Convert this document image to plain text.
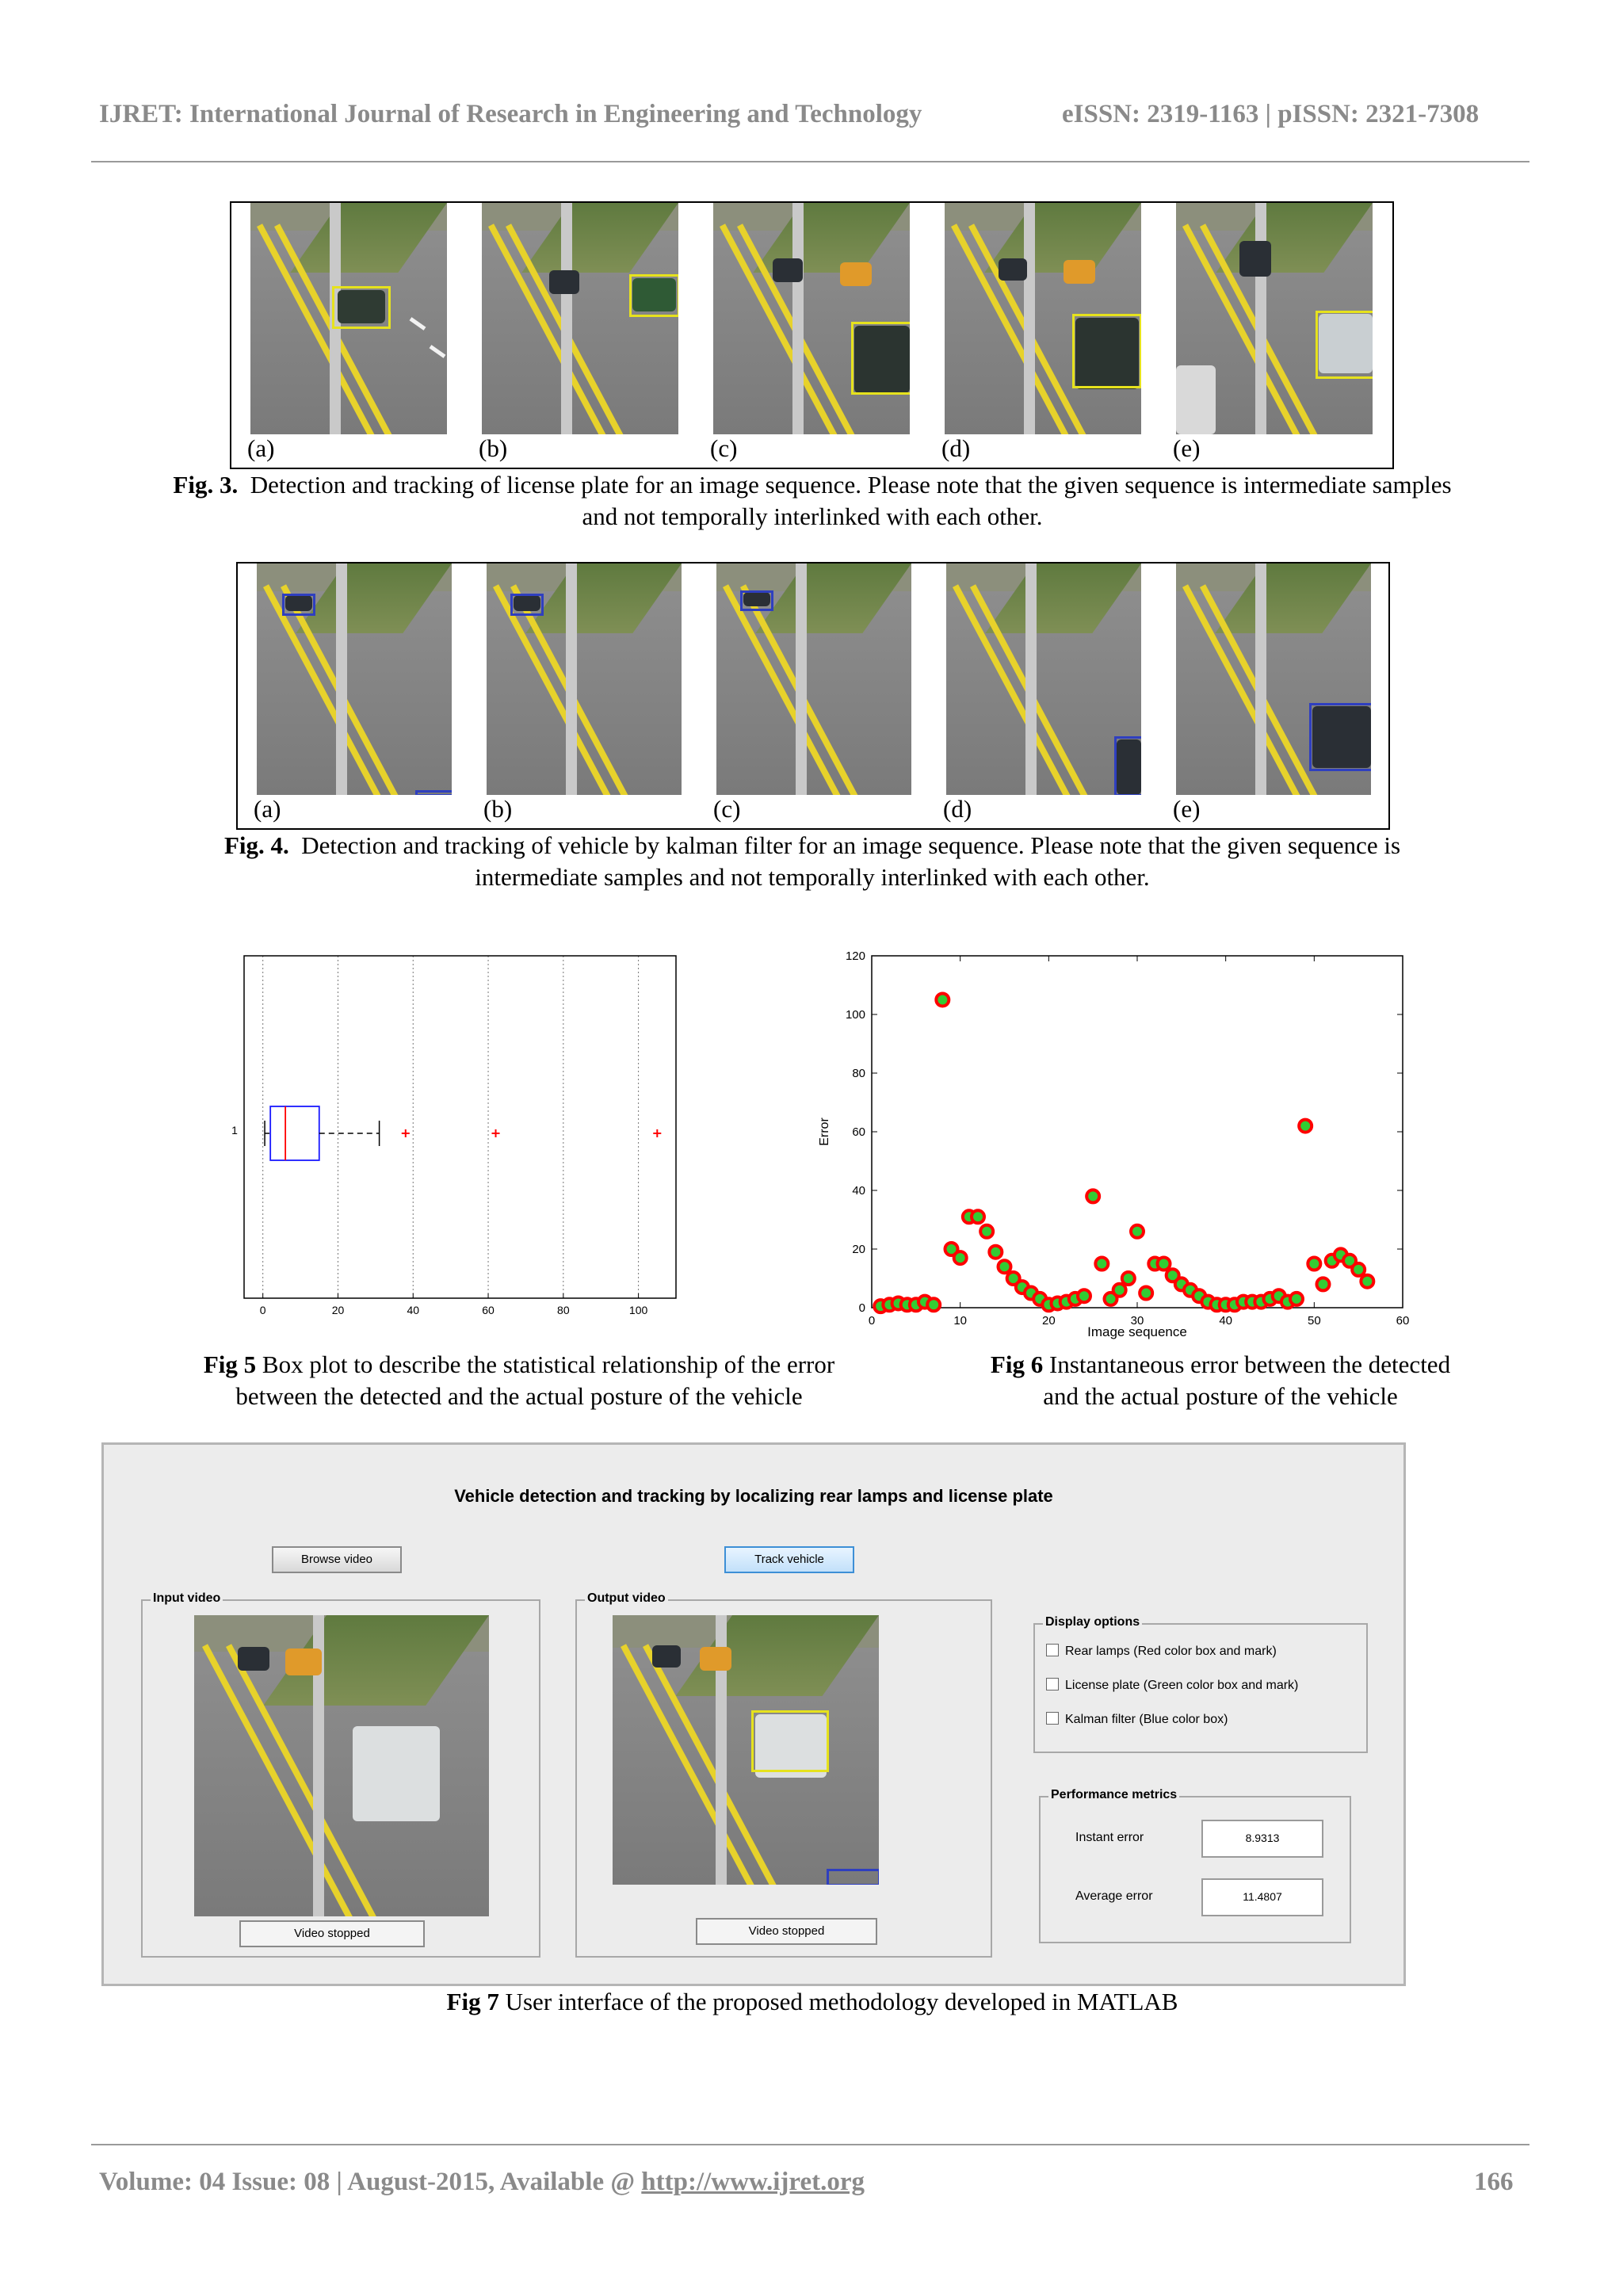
IJRET: International Journal of Research in Engineering and Technology	eISSN: 2319-1163 | pISSN: 2321-7308
(a)	(b)	(c)	(d)	(e)
Fig. 3. Detection and tracking of license plate for an image sequence. Please note that the given sequence is intermediate samples
and not temporally interlinked with each other.
(a)	(b)	(c)	(d)	(e)
Fig. 4. Detection and tracking of vehicle by kalman filter for an image sequence. Please note that the given sequence is
intermediate samples and not temporally interlinked with each other.
1
0	20	40	60	80	100
0	10	20	30	40	50	60
0
20
40
60
80
100
120
Error
Image sequence
Fig 5 Box plot to describe the statistical relationship of the error
between the detected and the actual posture of the vehicle
Fig 6 Instantaneous error between the detected
and the actual posture of the vehicle
Vehicle detection and tracking by localizing rear lamps and license plate
Browse video	Track vehicle
Input video
Video stopped
Output video
Video stopped
Display options
Rear lamps (Red color box and mark)
License plate (Green color box and mark)
Kalman filter (Blue color box)
Performance metrics
Instant error	8.9313
Average error	11.4807
Fig 7 User interface of the proposed methodology developed in MATLAB
Volume: 04 Issue: 08 | August-2015, Available @ http://www.ijret.org	166
